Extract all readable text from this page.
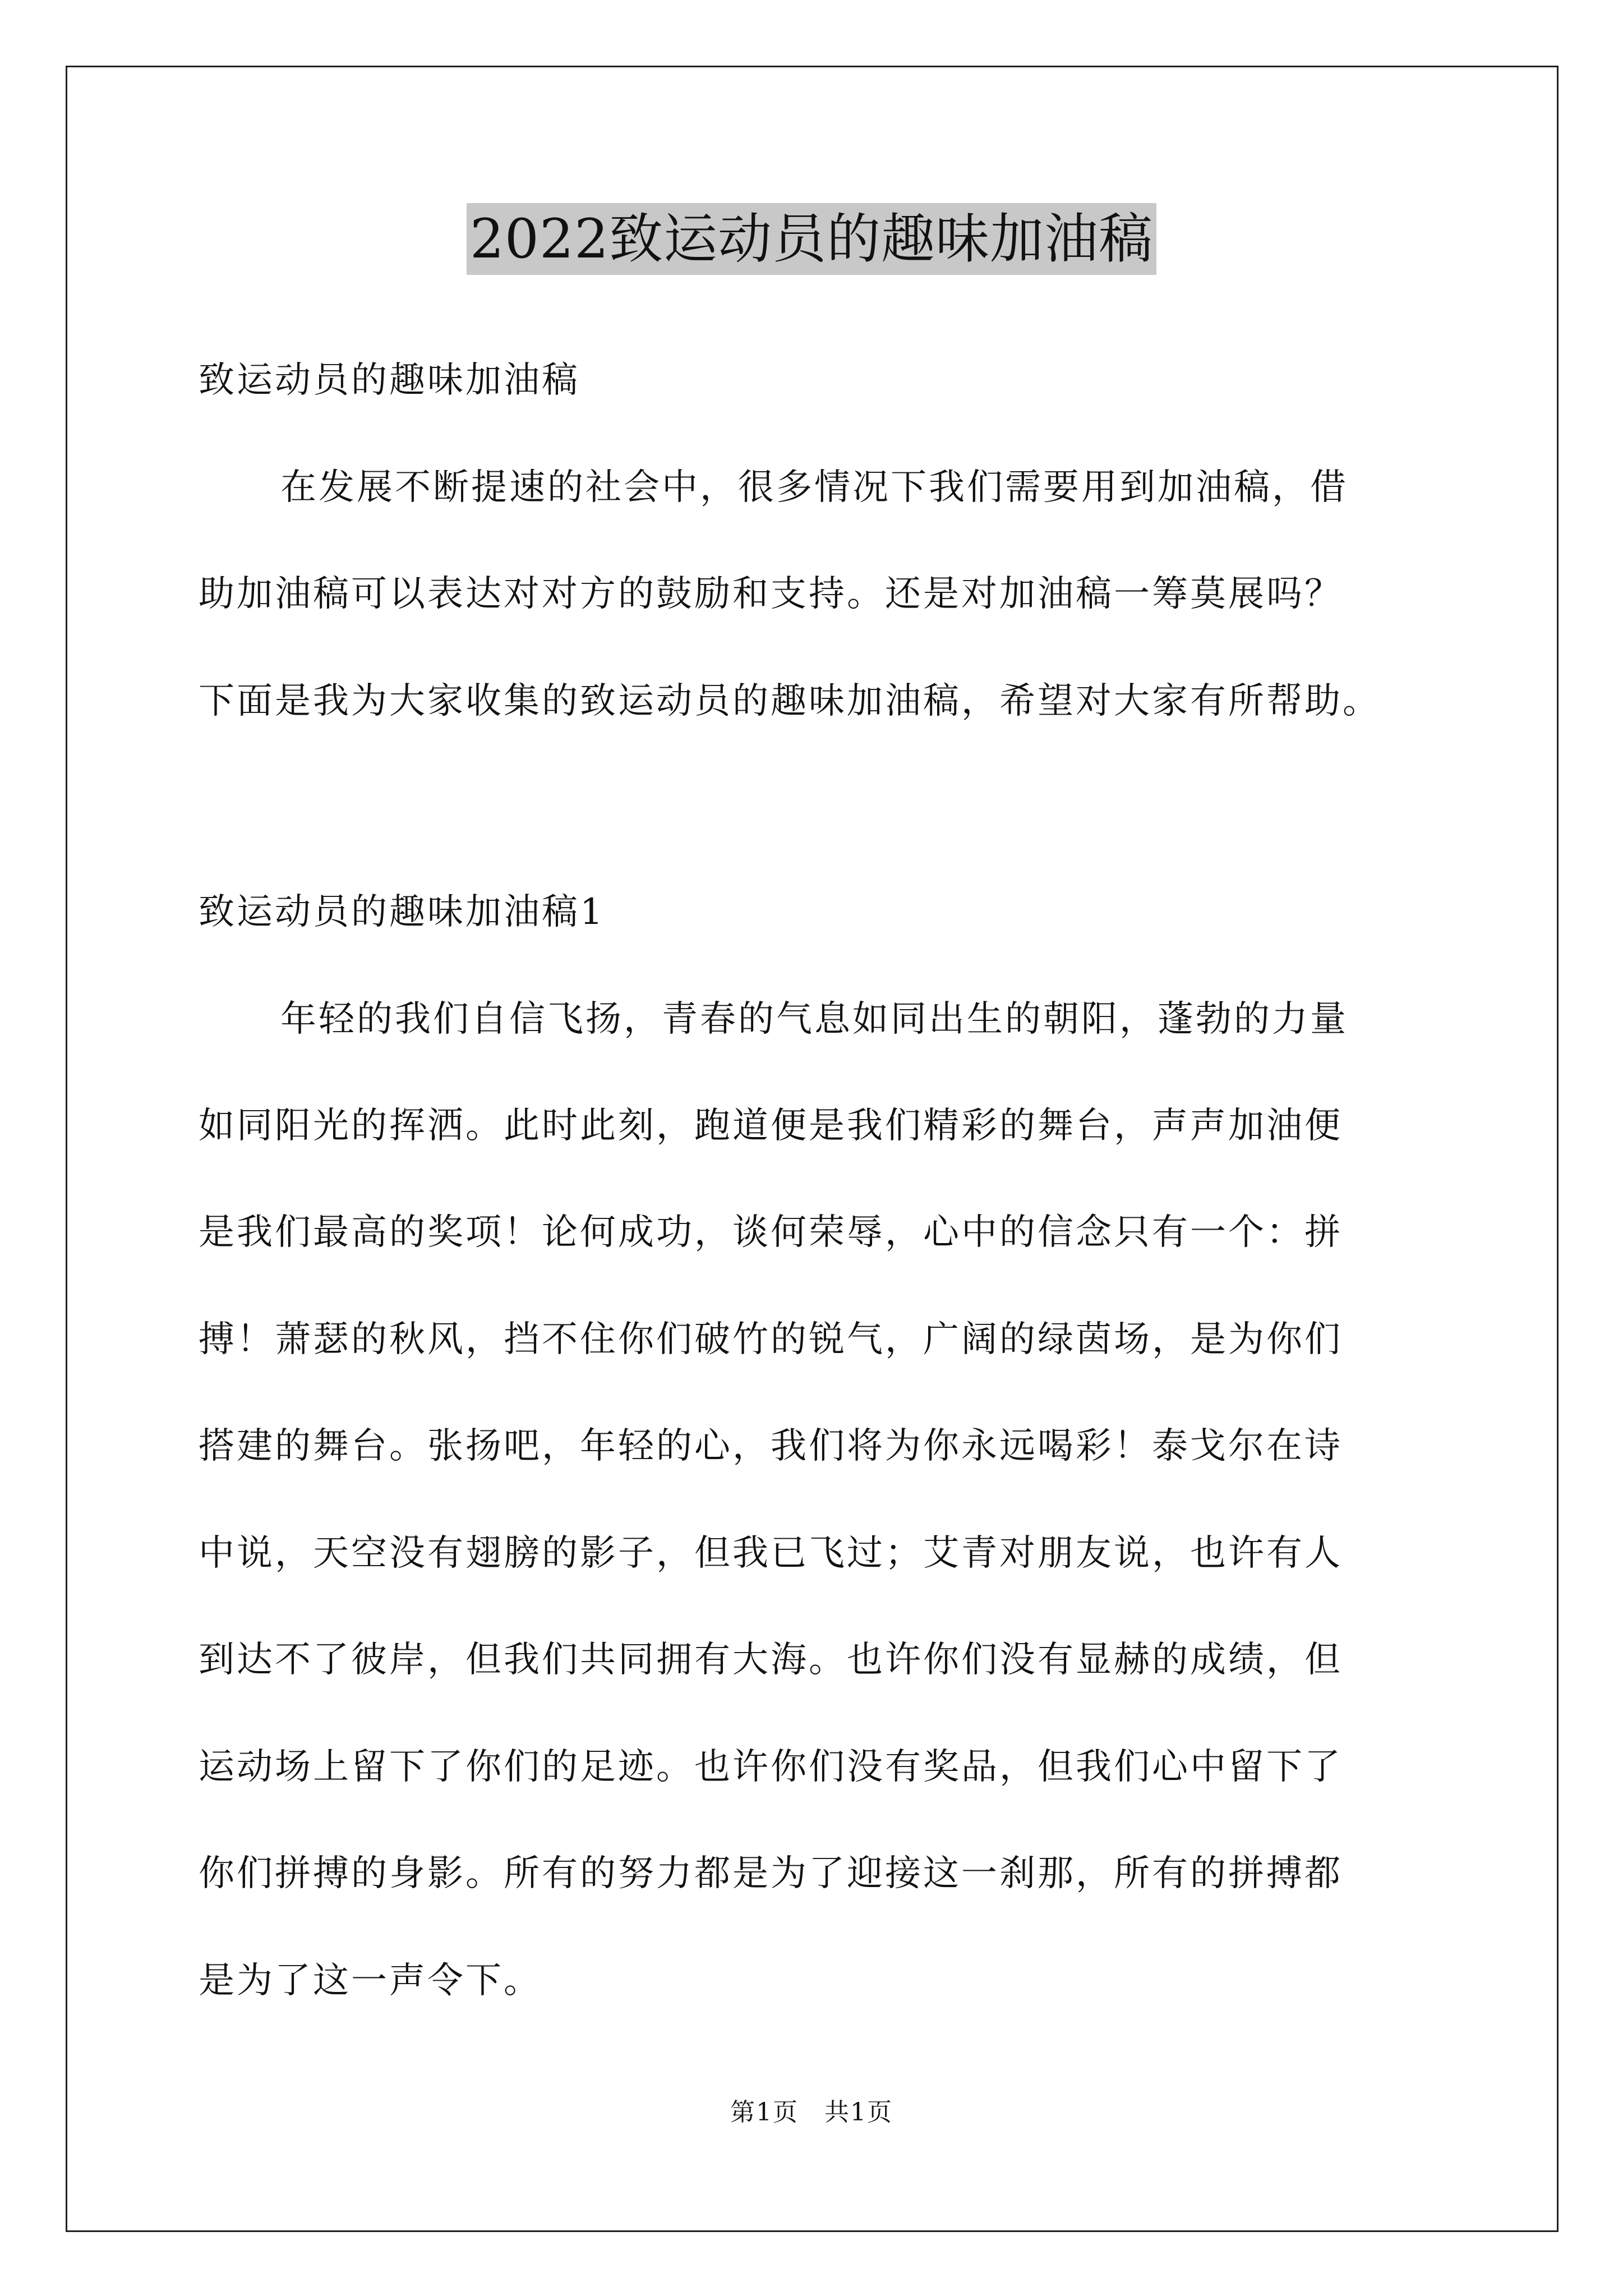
2022致运动员的趣味加油稿
致运动员的趣味加油稿
在发展不断提速的社会中，很多情况下我们需要用到加油稿，借
助加油稿可以表达对对方的鼓励和支持。还是对加油稿一筹莫展吗？
下面是我为大家收集的致运动员的趣味加油稿，希望对大家有所帮助。
致运动员的趣味加油稿1
年轻的我们自信飞扬，青春的气息如同出生的朝阳，蓬勃的力量
如同阳光的挥洒。此时此刻，跑道便是我们精彩的舞台，声声加油便
是我们最高的奖项！论何成功，谈何荣辱，心中的信念只有一个：拼
搏！萧瑟的秋风，挡不住你们破竹的锐气，广阔的绿茵场，是为你们
搭建的舞台。张扬吧，年轻的心，我们将为你永远喝彩！泰戈尔在诗
中说，天空没有翅膀的影子，但我已飞过；艾青对朋友说，也许有人
到达不了彼岸，但我们共同拥有大海。也许你们没有显赫的成绩，但
运动场上留下了你们的足迹。也许你们没有奖品，但我们心中留下了
你们拼搏的身影。所有的努力都是为了迎接这一刹那，所有的拼搏都
是为了这一声令下。
第1页　共1页
